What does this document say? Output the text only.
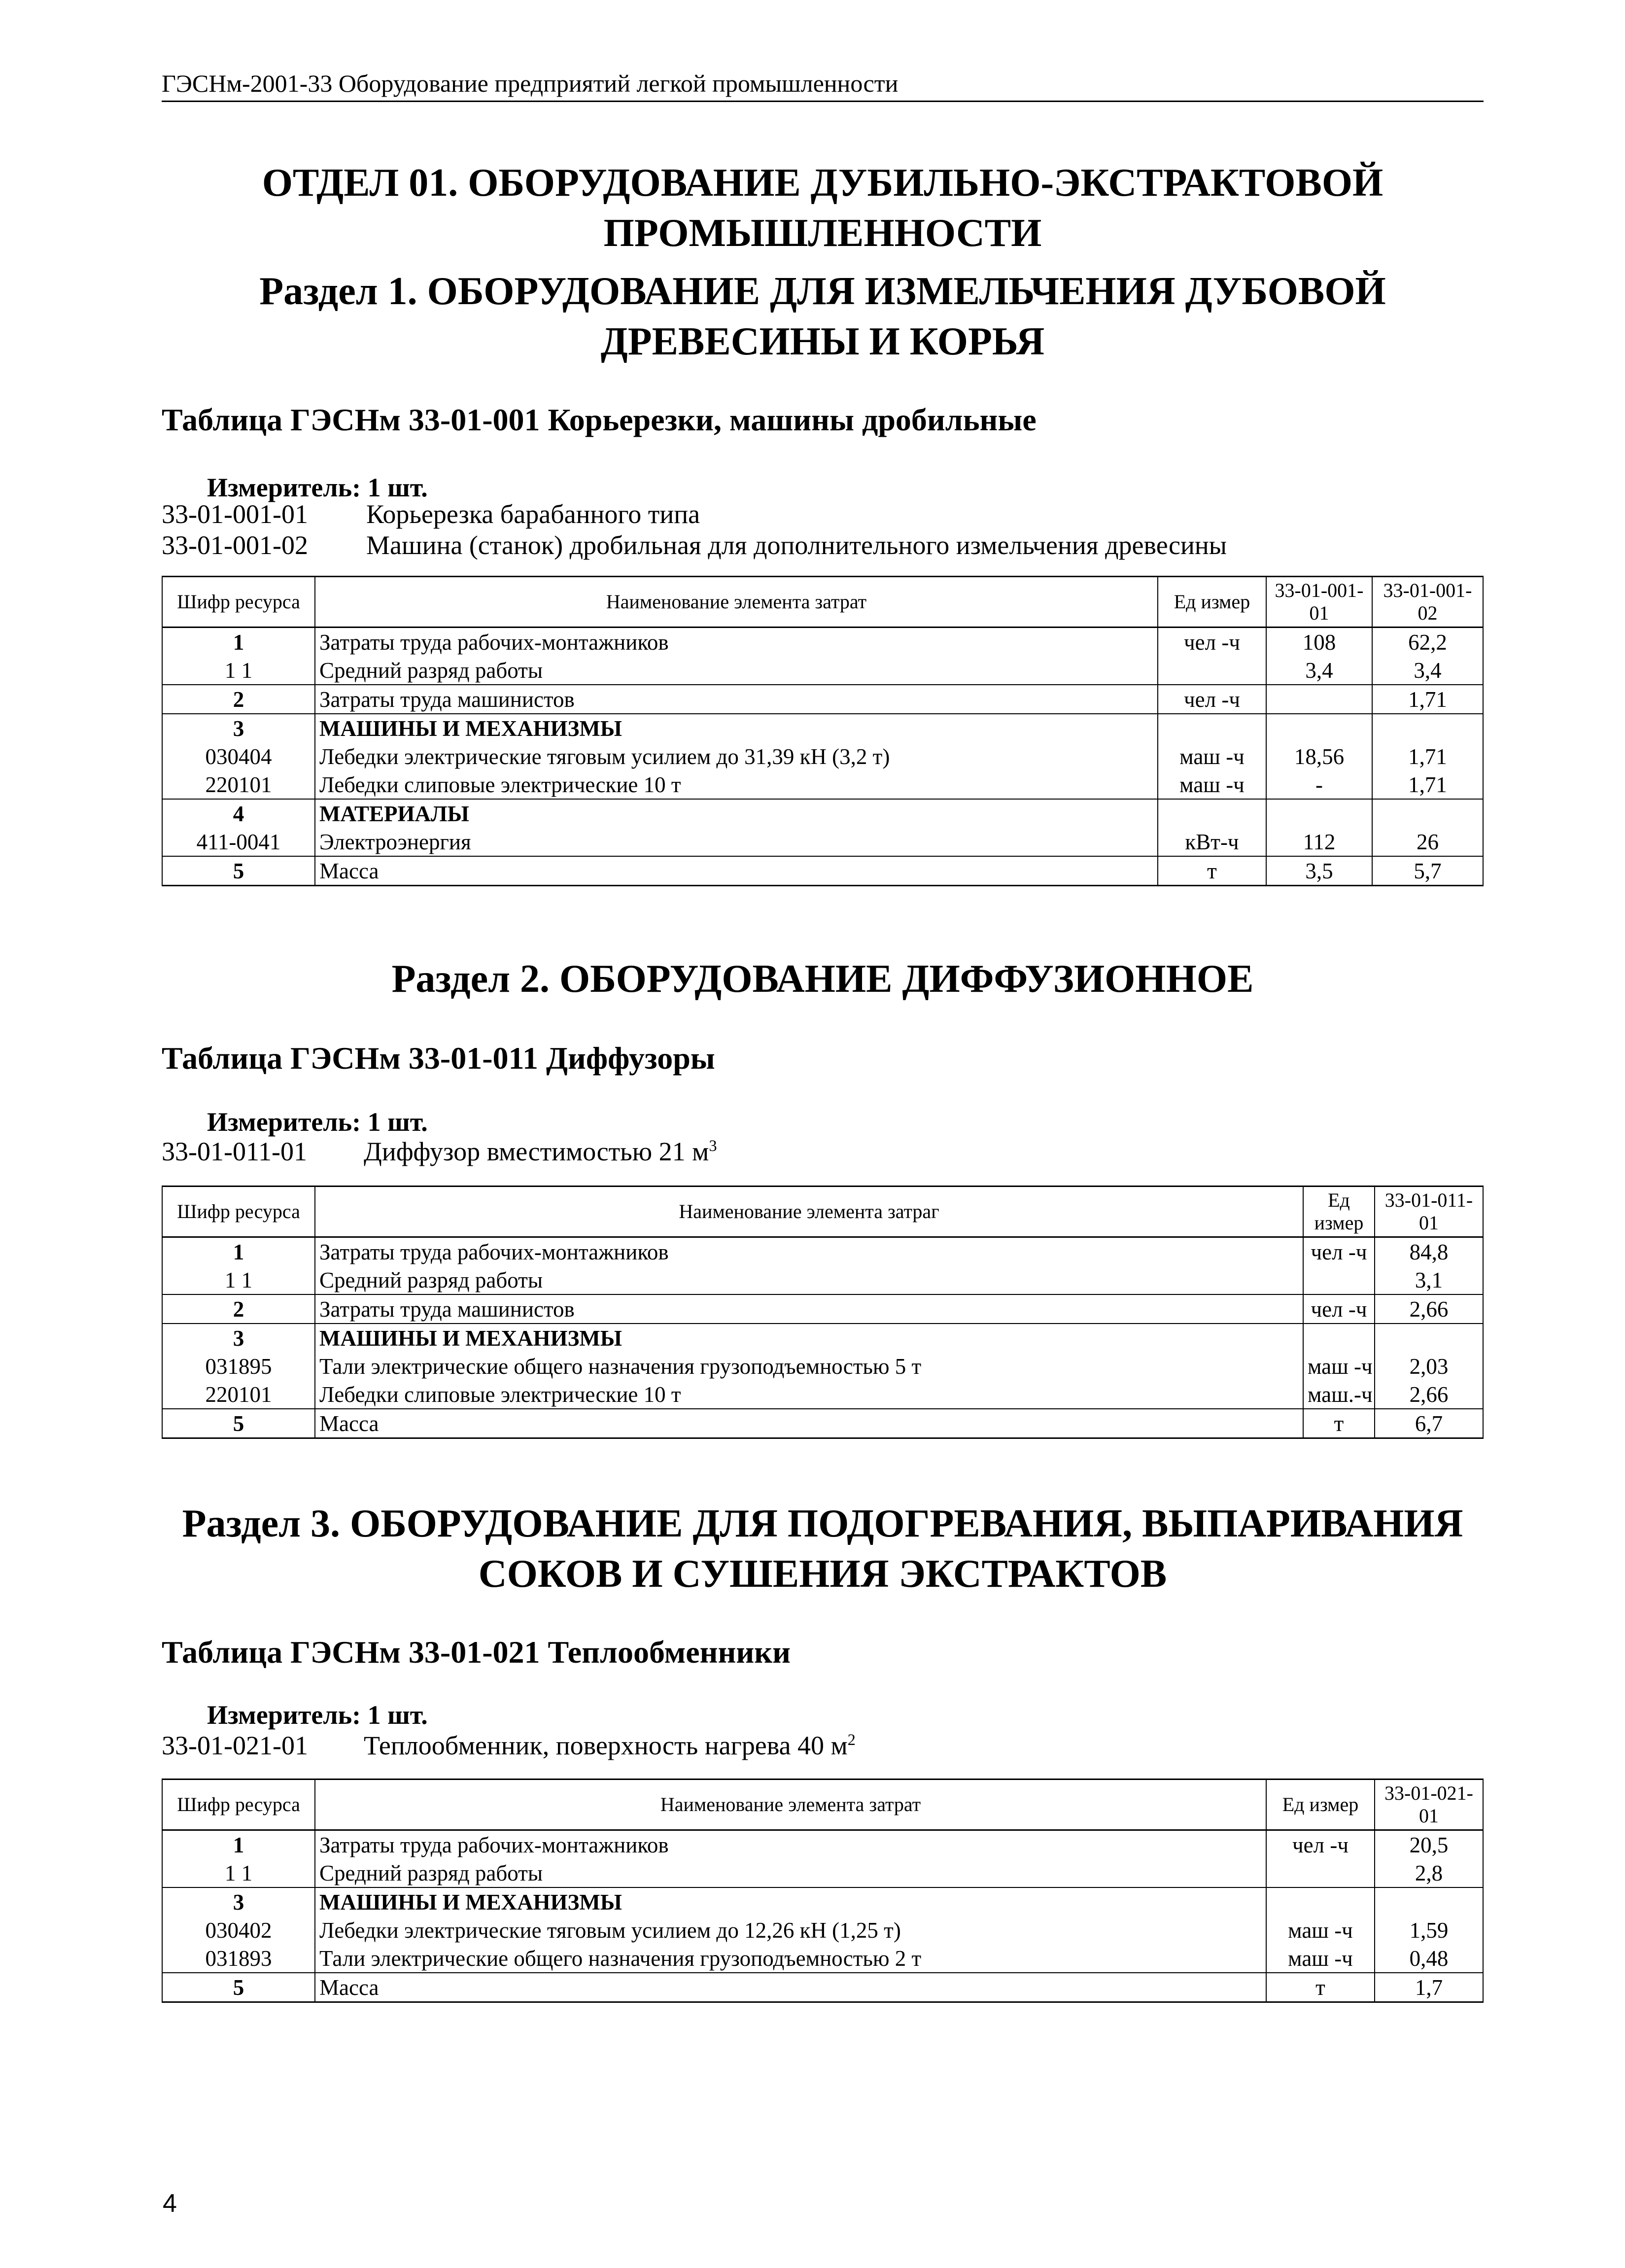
ГЭСНм-2001-33 Оборудование предприятий легкой промышленности
ОТДЕЛ 01. ОБОРУДОВАНИЕ ДУБИЛЬНО-ЭКСТРАКТОВОЙ
ПРОМЫШЛЕННОСТИ
Раздел 1. ОБОРУДОВАНИЕ ДЛЯ ИЗМЕЛЬЧЕНИЯ ДУБОВОЙ
ДРЕВЕСИНЫ И КОРЬЯ
Таблица ГЭСНм 33-01-001 Корьерезки, машины дробильные
Измеритель: 1 шт.
33-01-001-01 Корьерезка барабанного типа
33-01-001-02 Машина (станок) дробильная для дополнительного измельчения древесины
Шифр ресурса	Наименование элемента затрат	Ед измер	33-01-001-01	33-01-001-02
1	Затраты труда рабочих-монтажников	чел -ч	108	62,2
1 1	Средний разряд работы		3,4	3,4
2	Затраты труда машинистов	чел -ч		1,71
3	МАШИНЫ И МЕХАНИЗМЫ			
030404	Лебедки электрические тяговым усилием до 31,39 кН (3,2 т)	маш -ч	18,56	1,71
220101	Лебедки слиповые электрические 10 т	маш -ч	-	1,71
4	МАТЕРИАЛЫ			
411-0041	Электроэнергия	кВт-ч	112	26
5	Масса	т	3,5	5,7
Раздел 2. ОБОРУДОВАНИЕ ДИФФУЗИОННОЕ
Таблица ГЭСНм 33-01-011 Диффузоры
Измеритель: 1 шт.
33-01-011-01 Диффузор вместимостью 21 $м^3$
Шифр ресурса	Наименование элемента затраг	Ед измер	33-01-011-01
1	Затраты труда рабочих-монтажников	чел -ч	84,8
1 1	Средний разряд работы		3,1
2	Затраты труда машинистов	чел -ч	2,66
3	МАШИНЫ И МЕХАНИЗМЫ		
031895	Тали электрические общего назначения грузоподъемностью 5 т	маш -ч	2,03
220101	Лебедки слиповые электрические 10 т	маш.-ч	2,66
5	Масса	т	6,7
Раздел 3. ОБОРУДОВАНИЕ ДЛЯ ПОДОГРЕВАНИЯ, ВЫПАРИВАНИЯ
СОКОВ И СУШЕНИЯ ЭКСТРАКТОВ
Таблица ГЭСНм 33-01-021 Теплообменники
Измеритель: 1 шт.
33-01-021-01 Теплообменник, поверхность нагрева 40 $м^2$
Шифр ресурса	Наименование элемента затрат	Ед измер	33-01-021-01
1	Затраты труда рабочих-монтажников	чел -ч	20,5
1 1	Средний разряд работы		2,8
3	МАШИНЫ И МЕХАНИЗМЫ		
030402	Лебедки электрические тяговым усилием до 12,26 кН (1,25 т)	маш -ч	1,59
031893	Тали электрические общего назначения грузоподъемностью 2 т	маш -ч	0,48
5	Масса	т	1,7
4
